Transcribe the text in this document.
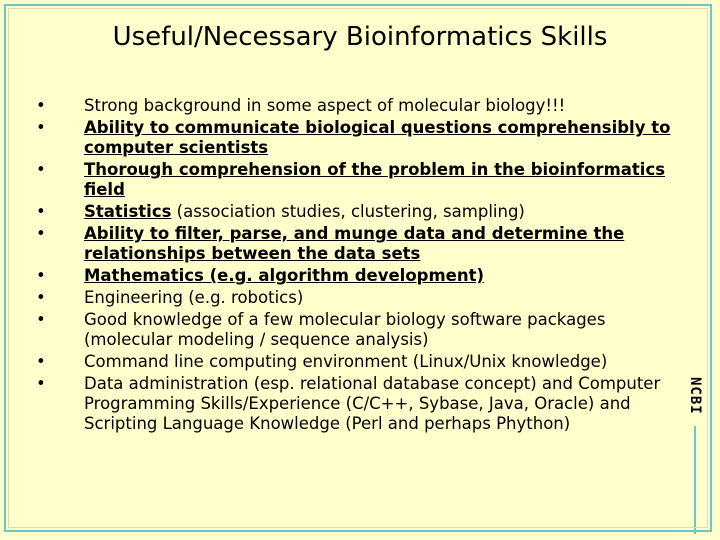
Useful/Necessary Bioinformatics Skills
• Strong background in some aspect of molecular biology!!!
• Ability to communicate biological questions comprehensibly to computer scientists
• Thorough comprehension of the problem in the bioinformatics field
• Statistics (association studies, clustering, sampling)
• Ability to filter, parse, and munge data and determine the relationships between the data sets
• Mathematics (e.g. algorithm development)
• Engineering (e.g. robotics)
• Good knowledge of a few molecular biology software packages (molecular modeling / sequence analysis)
• Command line computing environment (Linux/Unix knowledge)
• Data administration (esp. relational database concept) and Computer Programming Skills/Experience (C/C++, Sybase, Java, Oracle) and Scripting Language Knowledge (Perl and perhaps Phython)
NCBI
